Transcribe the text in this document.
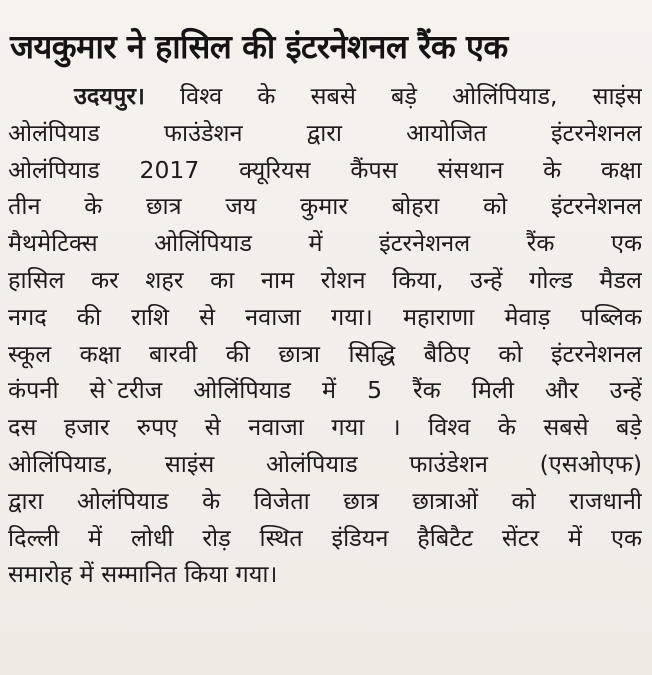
जयकुमार ने हासिल की इंटरनेशनल रैंक एक
उदयपुर। विश्व के सबसे बड़े ओलिंपियाड, साइंस
ओलंपियाड फाउंडेशन द्वारा आयोजित इंटरनेशनल
ओलंपियाड 2017 क्यूरियस कैंपस संसथान के कक्षा
तीन के छात्र जय कुमार बोहरा को इंटरनेशनल
मैथमेटिक्स ओलिंपियाड में इंटरनेशनल रैंक एक
हासिल कर शहर का नाम रोशन किया, उन्हें गोल्ड मैडल
नगद की राशि से नवाजा गया। महाराणा मेवाड़ पब्लिक
स्कूल कक्षा बारवी की छात्रा सिद्धि बैठिए को इंटरनेशनल
कंपनी से`टरीज ओलिंपियाड में 5 रैंक मिली और उन्हें
दस हजार रुपए से नवाजा गया । विश्व के सबसे बड़े
ओलिंपियाड, साइंस ओलंपियाड फाउंडेशन (एसओएफ)
द्वारा ओलंपियाड के विजेता छात्र छात्राओं को राजधानी
दिल्ली में लोधी रोड़ स्थित इंडियन हैबिटैट सेंटर में एक
समारोह में सम्मानित किया गया।
